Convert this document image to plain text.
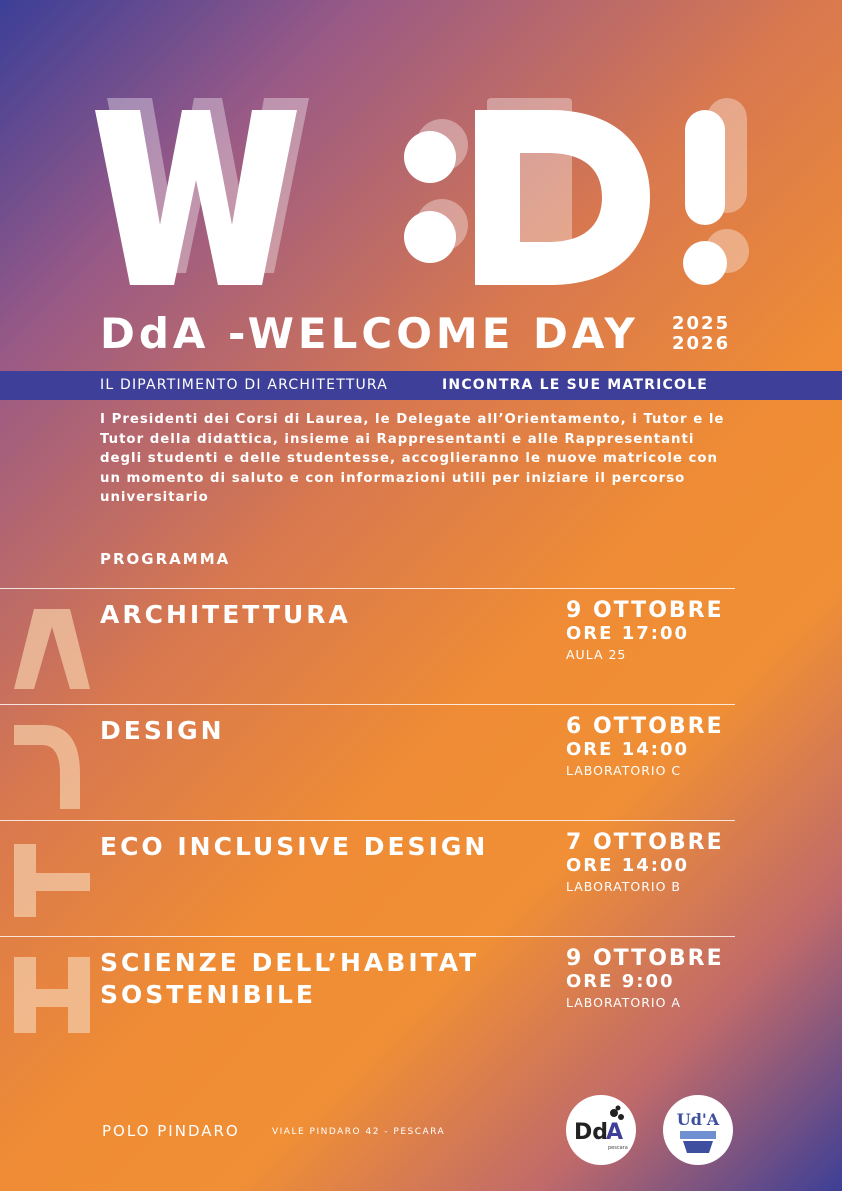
DdA -WELCOME DAY 2025
2026
IL DIPARTIMENTO DI ARCHITETTURA	INCONTRA LE SUE MATRICOLE
I Presidenti dei Corsi di Laurea, le Delegate all’Orientamento, i Tutor e le Tutor della didattica, insieme ai Rappresentanti e alle Rappresentanti degli studenti e delle studentesse, accoglieranno le nuove matricole con un momento di saluto e con informazioni utili per iniziare il percorso universitario
PROGRAMMA
ARCHITETTURA	9 OTTOBRE
ORE 17:00
AULA 25
DESIGN	6 OTTOBRE
ORE 14:00
LABORATORIO C
ECO INCLUSIVE DESIGN	7 OTTOBRE
ORE 14:00
LABORATORIO B
SCIENZE DELL’HABITAT
SOSTENIBILE
9 OTTOBRE
ORE 9:00
LABORATORIO A
POLO PINDARO	VIALE PINDARO 42 - PESCARA	Dd
A
pescara
Ud'A
